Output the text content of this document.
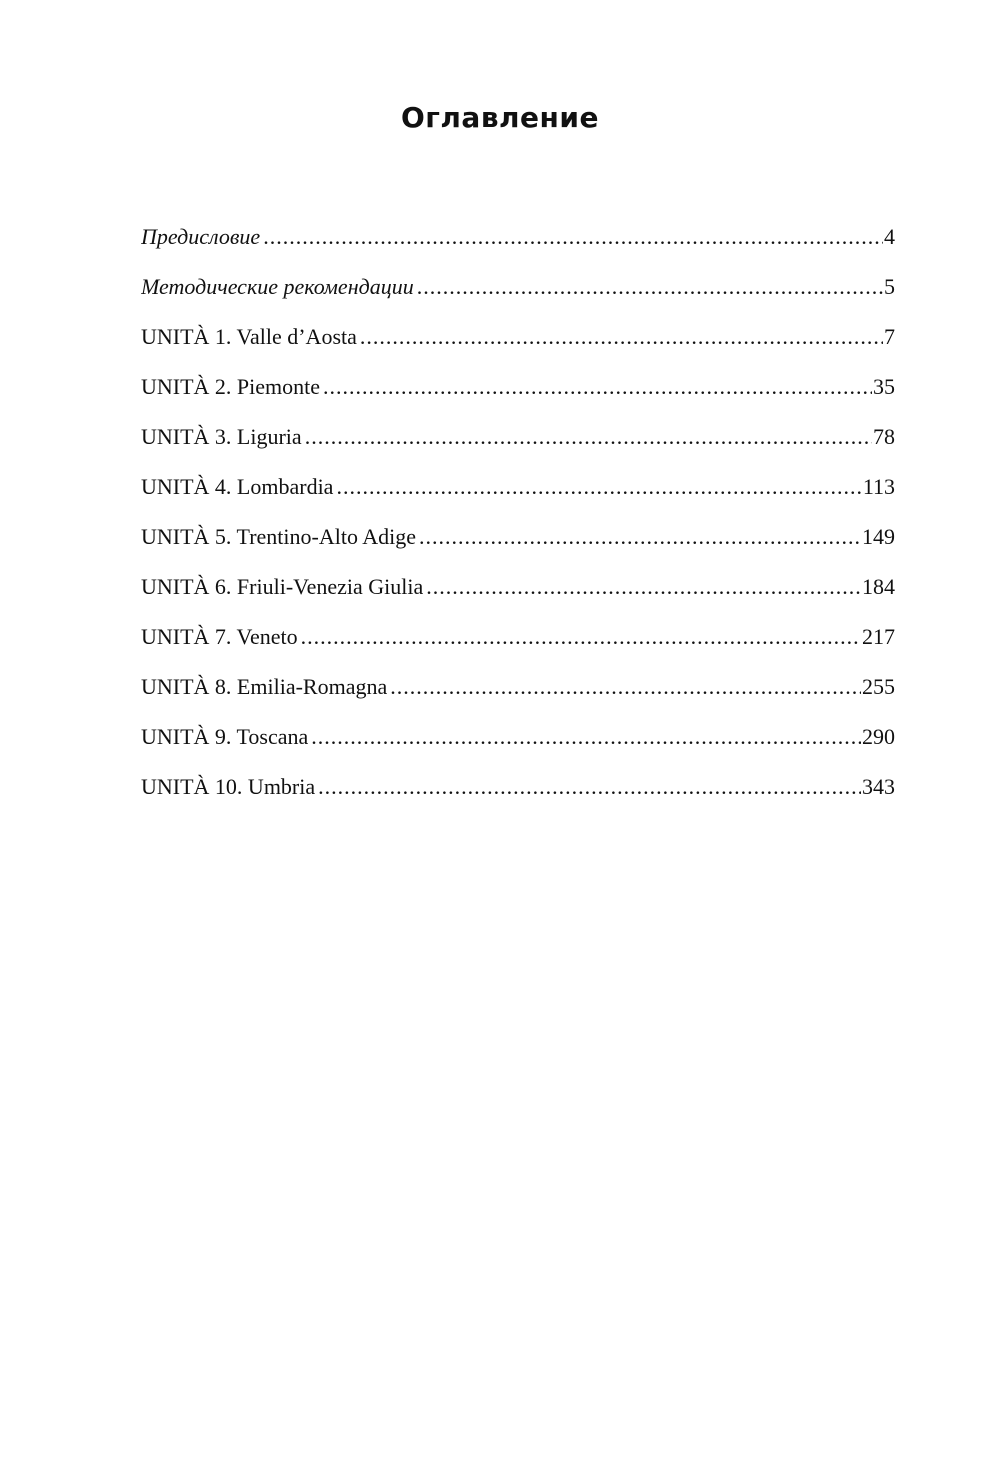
Оглавление
Предисловие .....	4
Методические рекомендации .....	5
UNITÀ 1. Valle d’Aosta .....	7
UNITÀ 2. Piemonte .....	35
UNITÀ 3. Liguria .....	78
UNITÀ 4. Lombardia .....	113
UNITÀ 5. Trentino-Alto Adige .....	149
UNITÀ 6. Friuli-Venezia Giulia .....	184
UNITÀ 7. Veneto .....	217
UNITÀ 8. Emilia-Romagna .....	255
UNITÀ 9. Toscana .....	290
UNITÀ 10. Umbria .....	343
